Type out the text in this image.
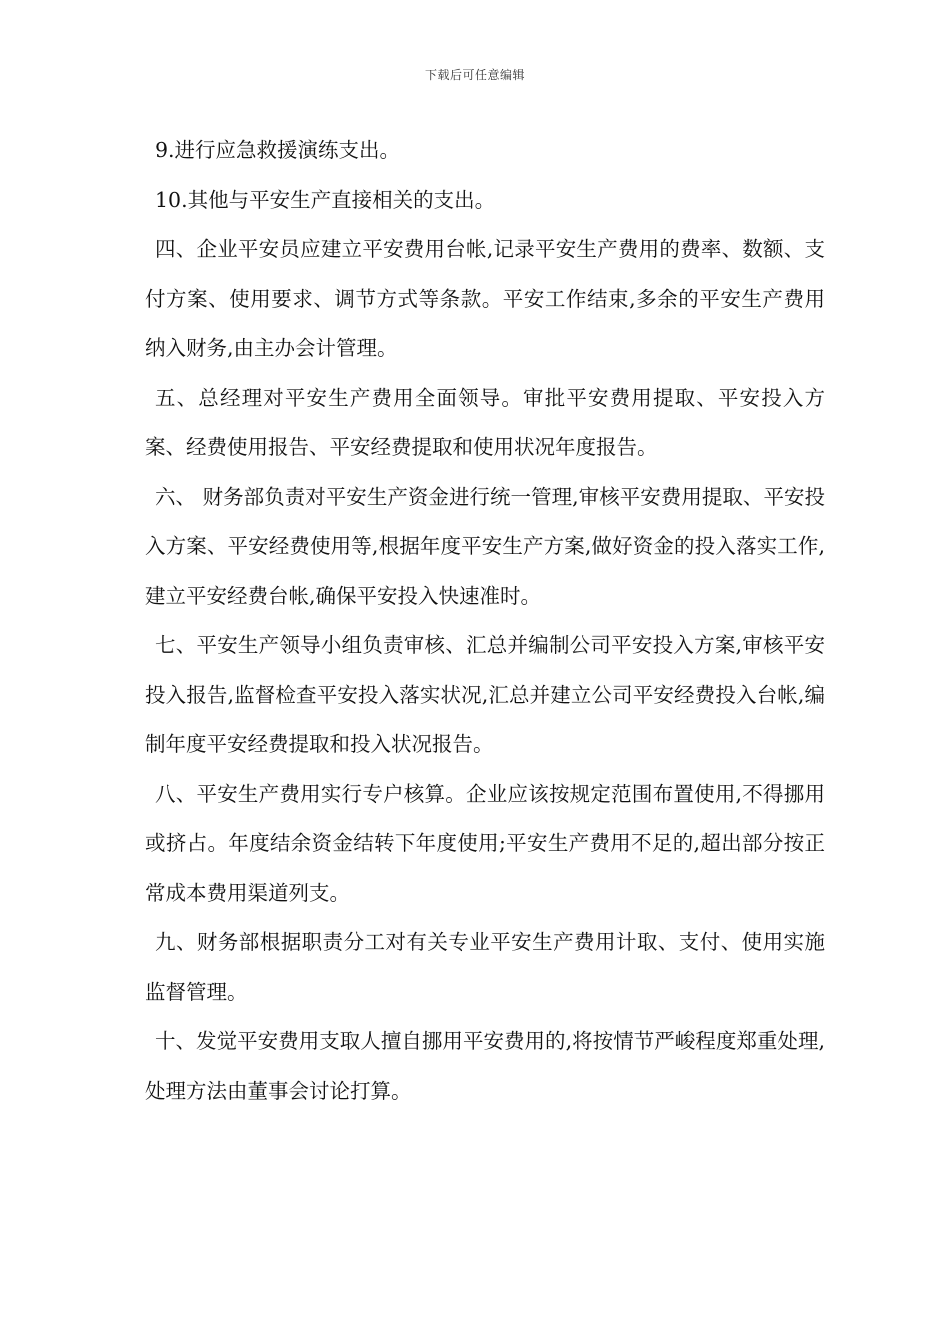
下载后可任意编辑

9.进行应急救援演练支出。

10.其他与平安生产直接相关的支出。

四、企业平安员应建立平安费用台帐,记录平安生产费用的费率、数额、支付方案、使用要求、调节方式等条款。平安工作结束,多余的平安生产费用纳入财务,由主办会计管理。

五、总经理对平安生产费用全面领导。审批平安费用提取、平安投入方案、经费使用报告、平安经费提取和使用状况年度报告。

六、 财务部负责对平安生产资金进行统一管理,审核平安费用提取、平安投入方案、平安经费使用等,根据年度平安生产方案,做好资金的投入落实工作,建立平安经费台帐,确保平安投入快速准时。

七、平安生产领导小组负责审核、汇总并编制公司平安投入方案,审核平安投入报告,监督检查平安投入落实状况,汇总并建立公司平安经费投入台帐,编制年度平安经费提取和投入状况报告。

八、平安生产费用实行专户核算。企业应该按规定范围布置使用,不得挪用或挤占。年度结余资金结转下年度使用;平安生产费用不足的,超出部分按正常成本费用渠道列支。

九、财务部根据职责分工对有关专业平安生产费用计取、支付、使用实施监督管理。

十、发觉平安费用支取人擅自挪用平安费用的,将按情节严峻程度郑重处理,处理方法由董事会讨论打算。
